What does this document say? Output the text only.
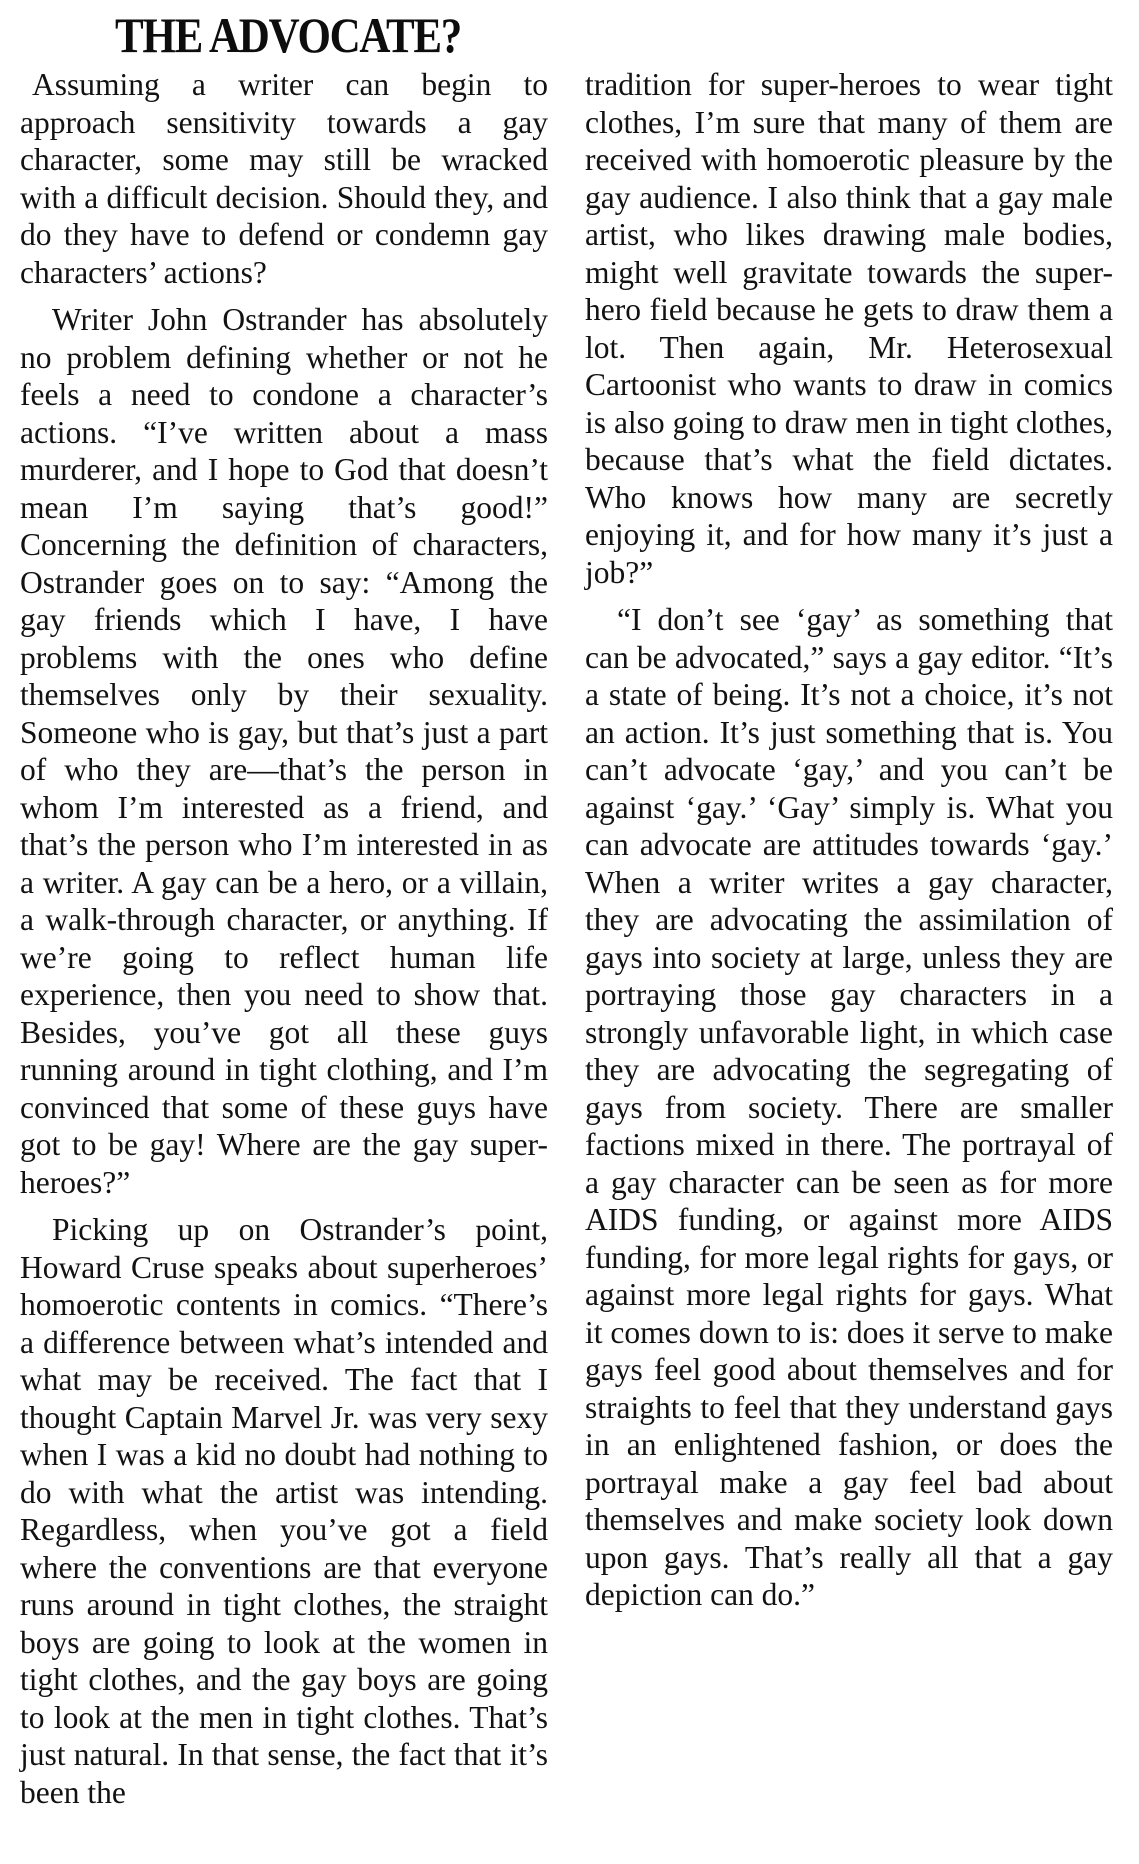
THE ADVOCATE?

Assuming a writer can begin to approach sensitivity towards a gay character, some may still be wracked with a difficult decision. Should they, and do they have to defend or condemn gay characters’ actions?

Writer John Ostrander has absolutely no problem defining whether or not he feels a need to condone a character’s actions. “I’ve written about a mass murderer, and I hope to God that doesn’t mean I’m saying that’s good!” Concerning the definition of characters, Ostrander goes on to say: “Among the gay friends which I have, I have problems with the ones who define themselves only by their sexuality. Someone who is gay, but that’s just a part of who they are—that’s the person in whom I’m interested as a friend, and that’s the person who I’m interested in as a writer. A gay can be a hero, or a villain, a walk-through character, or anything. If we’re going to reflect human life experience, then you need to show that. Besides, you’ve got all these guys running around in tight clothing, and I’m convinced that some of these guys have got to be gay! Where are the gay super-heroes?”

Picking up on Ostrander’s point, Howard Cruse speaks about superheroes’ homoerotic contents in comics. “There’s a difference between what’s intended and what may be received. The fact that I thought Captain Marvel Jr. was very sexy when I was a kid no doubt had nothing to do with what the artist was intending. Regardless, when you’ve got a field where the conventions are that everyone runs around in tight clothes, the straight boys are going to look at the women in tight clothes, and the gay boys are going to look at the men in tight clothes. That’s just natural. In that sense, the fact that it’s been the

tradition for super-heroes to wear tight clothes, I’m sure that many of them are received with homoerotic pleasure by the gay audience. I also think that a gay male artist, who likes drawing male bodies, might well gravitate towards the super-hero field because he gets to draw them a lot. Then again, Mr. Heterosexual Cartoonist who wants to draw in comics is also going to draw men in tight clothes, because that’s what the field dictates. Who knows how many are secretly enjoying it, and for how many it’s just a job?”

“I don’t see ‘gay’ as something that can be advocated,” says a gay editor. “It’s a state of being. It’s not a choice, it’s not an action. It’s just something that is. You can’t advocate ‘gay,’ and you can’t be against ‘gay.’ ‘Gay’ simply is. What you can advocate are attitudes towards ‘gay.’ When a writer writes a gay character, they are advocating the assimilation of gays into society at large, unless they are portraying those gay characters in a strongly unfavorable light, in which case they are advocating the segregating of gays from society. There are smaller factions mixed in there. The portrayal of a gay character can be seen as for more AIDS funding, or against more AIDS funding, for more legal rights for gays, or against more legal rights for gays. What it comes down to is: does it serve to make gays feel good about themselves and for straights to feel that they understand gays in an enlightened fashion, or does the portrayal make a gay feel bad about themselves and make society look down upon gays. That’s really all that a gay depiction can do.”
